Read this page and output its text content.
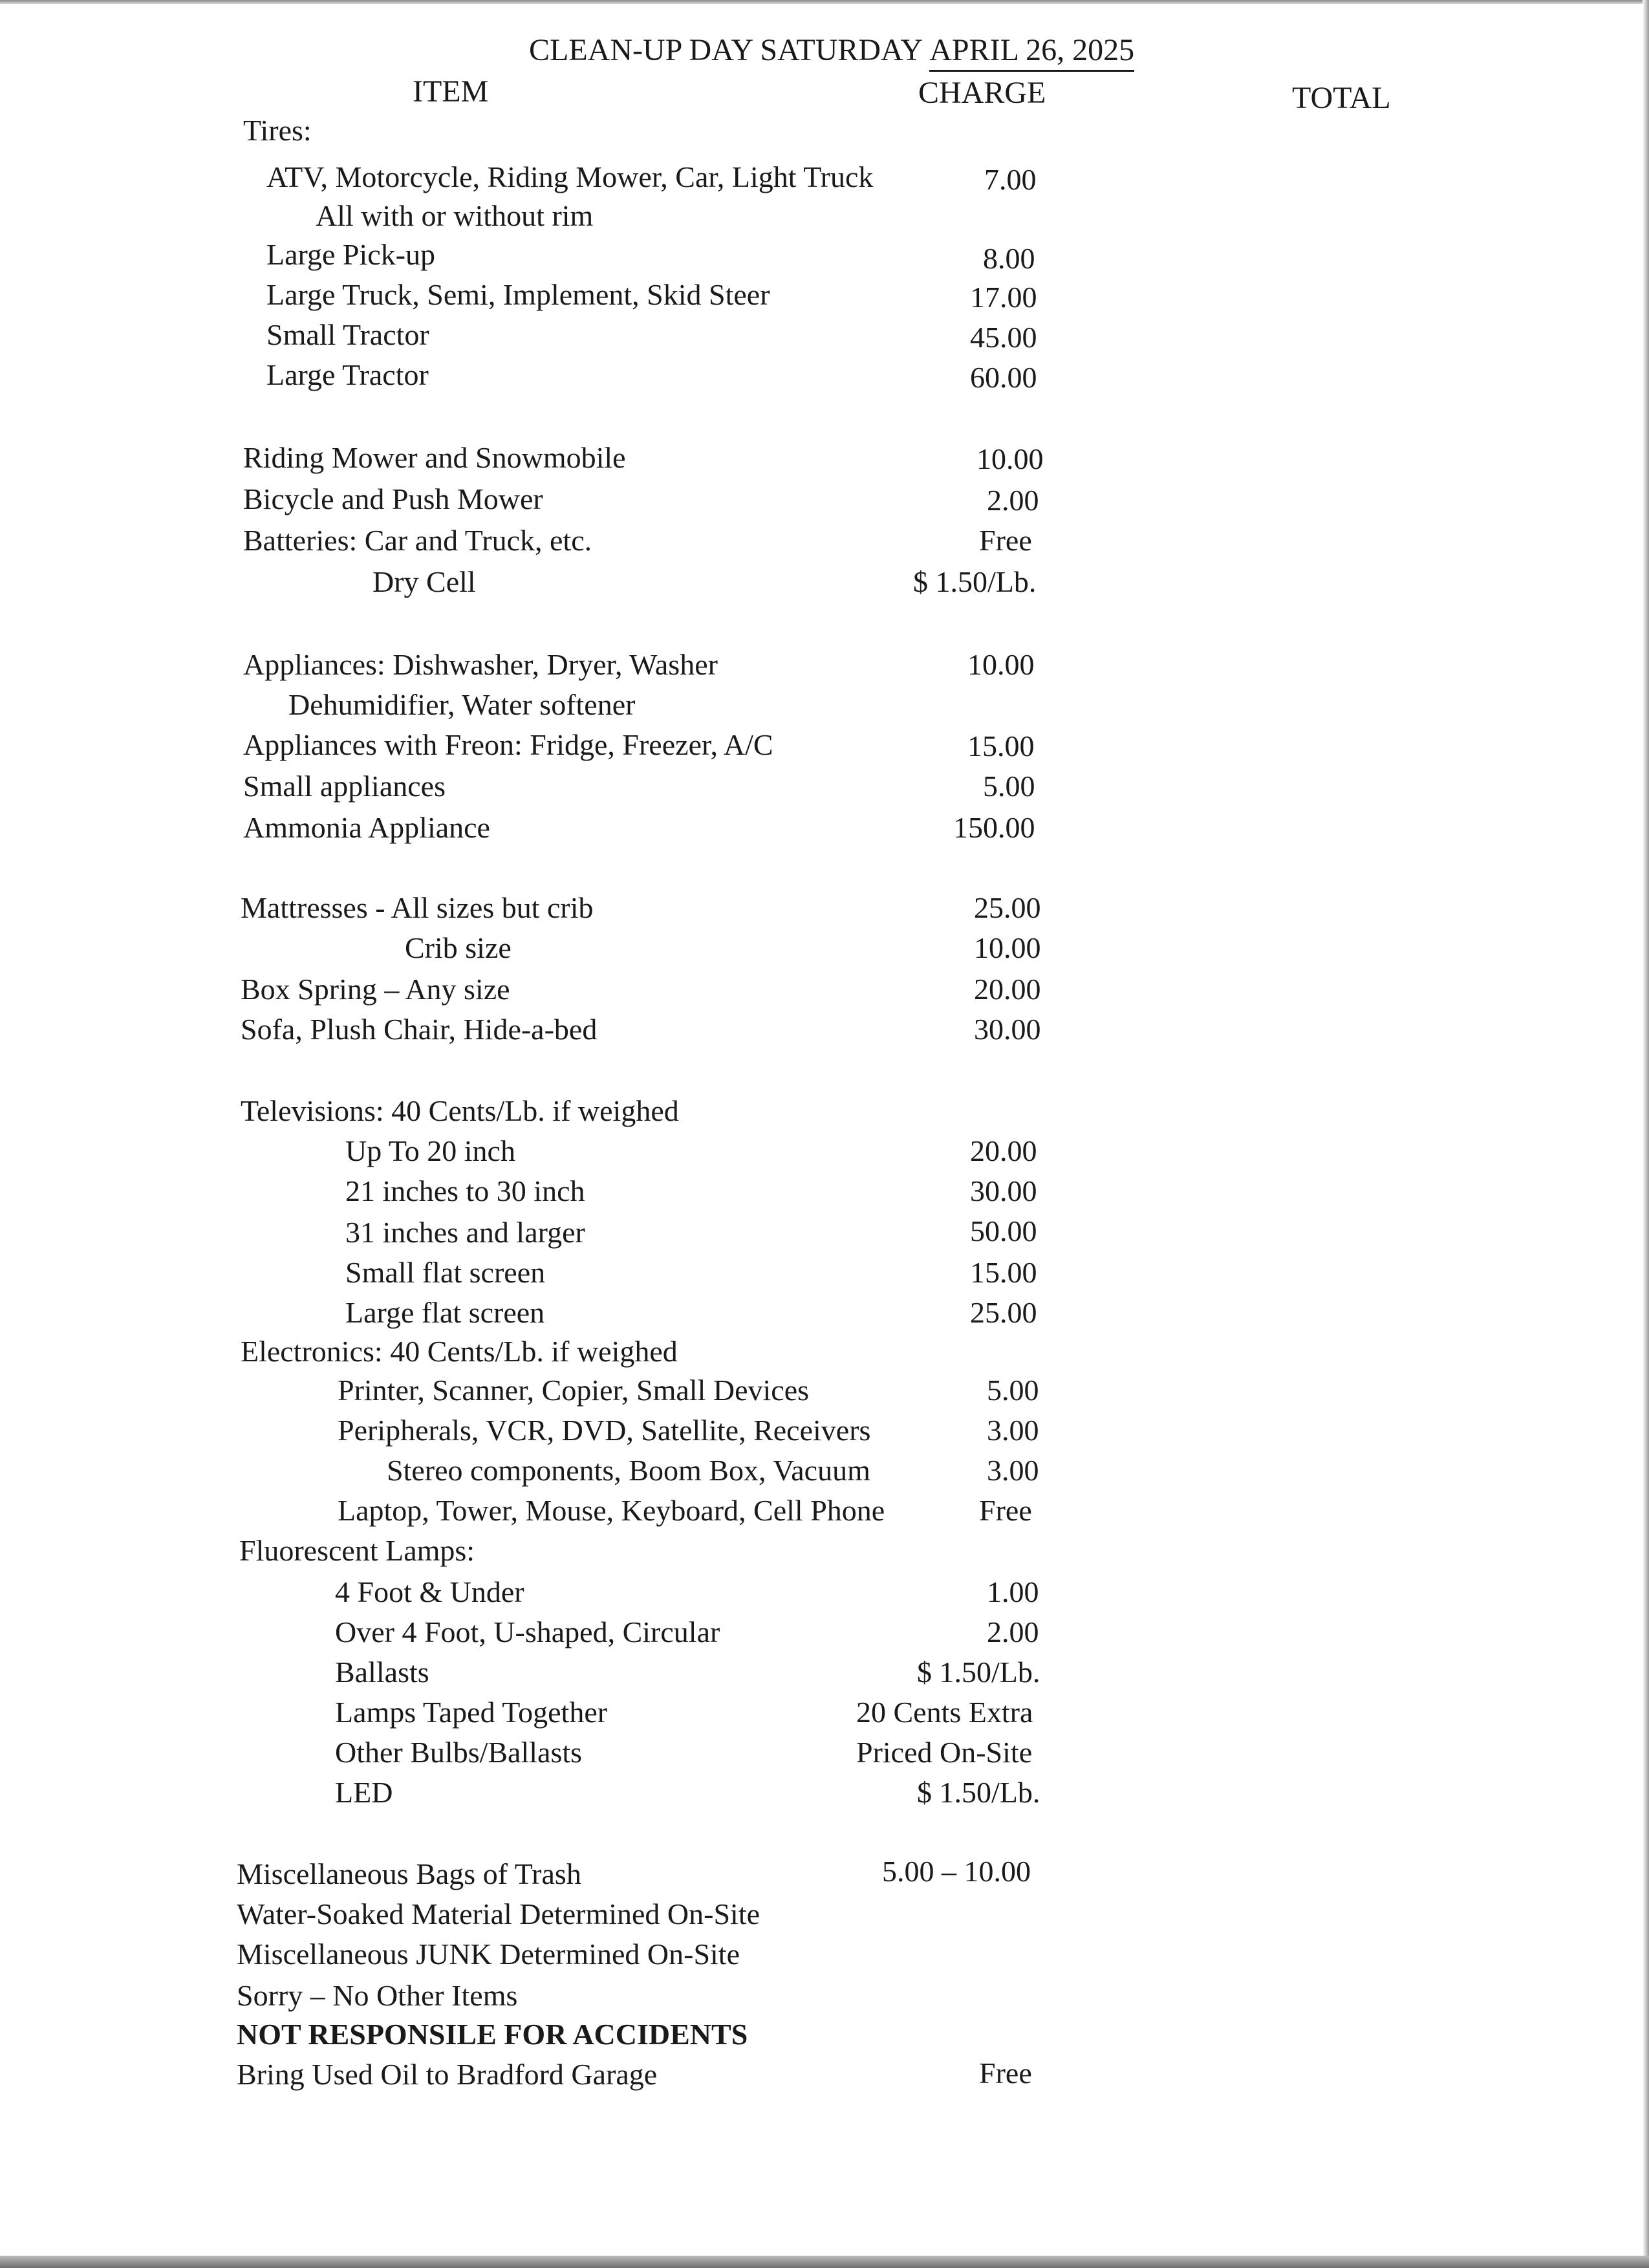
CLEAN-UP DAY SATURDAY APRIL 26, 2025
ITEM	CHARGE	TOTAL
Tires:
ATV, Motorcycle, Riding Mower, Car, Light Truck	7.00
All with or without rim
Large Pick-up	8.00
Large Truck, Semi, Implement, Skid Steer	17.00
Small Tractor	45.00
Large Tractor	60.00
Riding Mower and Snowmobile	10.00
Bicycle and Push Mower	2.00
Batteries: Car and Truck, etc.	Free
Dry Cell	$ 1.50/Lb.
Appliances: Dishwasher, Dryer, Washer	10.00
Dehumidifier, Water softener
Appliances with Freon: Fridge, Freezer, A/C	15.00
Small appliances	5.00
Ammonia Appliance	150.00
Mattresses - All sizes but crib	25.00
Crib size	10.00
Box Spring – Any size	20.00
Sofa, Plush Chair, Hide-a-bed	30.00
Televisions: 40 Cents/Lb. if weighed
Up To 20 inch	20.00
21 inches to 30 inch	30.00
31 inches and larger	50.00
Small flat screen	15.00
Large flat screen	25.00
Electronics: 40 Cents/Lb. if weighed
Printer, Scanner, Copier, Small Devices	5.00
Peripherals, VCR, DVD, Satellite, Receivers	3.00
Stereo components, Boom Box, Vacuum	3.00
Laptop, Tower, Mouse, Keyboard, Cell Phone	Free
Fluorescent Lamps:
4 Foot & Under	1.00
Over 4 Foot, U-shaped, Circular	2.00
Ballasts	$ 1.50/Lb.
Lamps Taped Together	20 Cents Extra
Other Bulbs/Ballasts	Priced On-Site
LED	$ 1.50/Lb.
Miscellaneous Bags of Trash	5.00 – 10.00
Water-Soaked Material Determined On-Site
Miscellaneous JUNK Determined On-Site
Sorry – No Other Items
NOT RESPONSILE FOR ACCIDENTS
Bring Used Oil to Bradford Garage	Free
